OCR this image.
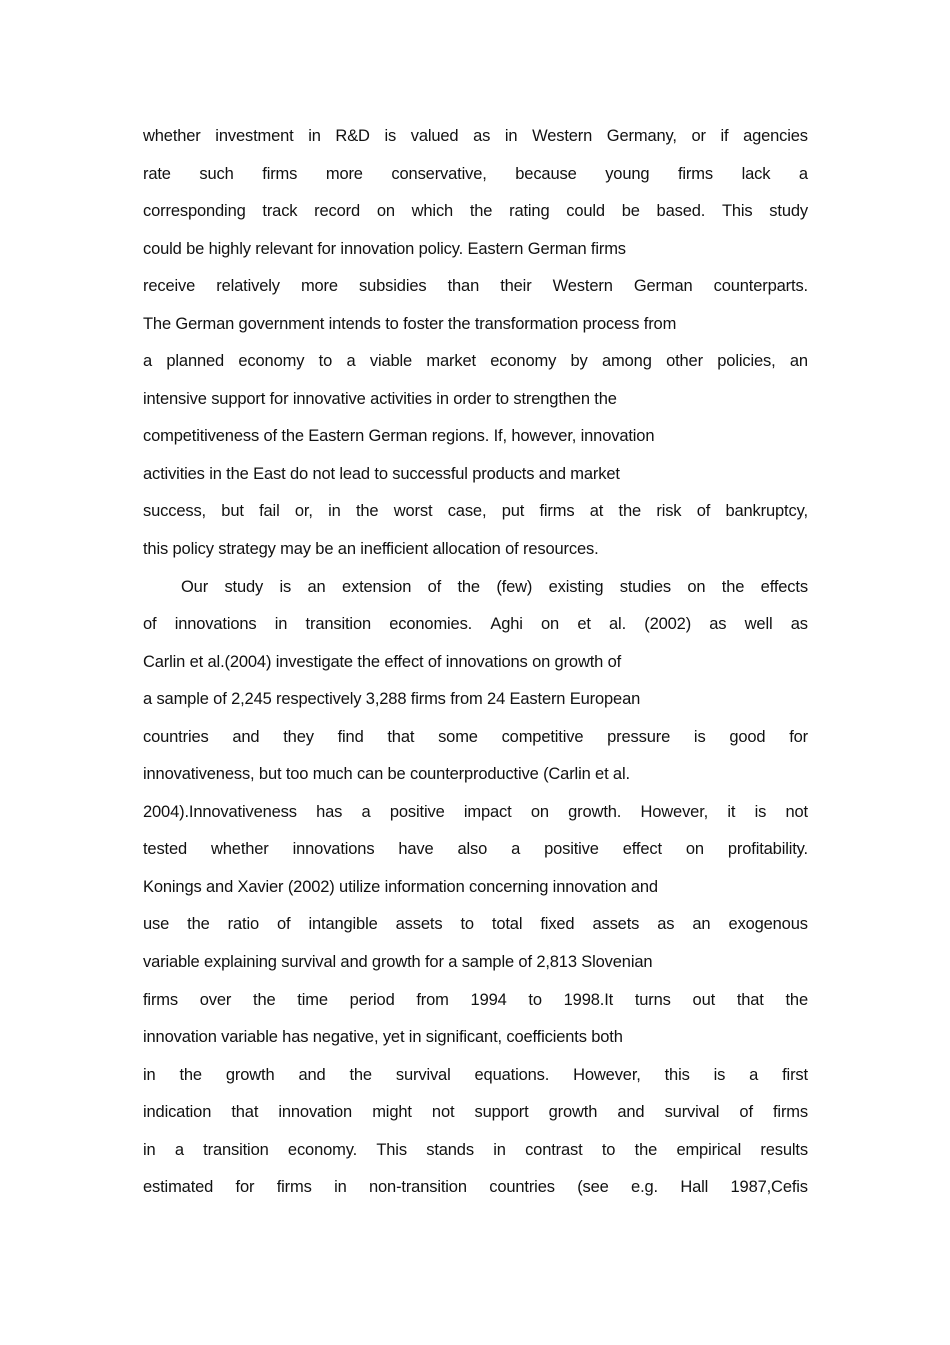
whether investment in R&D is valued as in Western Germany, or if agencies
rate such firms more conservative, because young firms lack a
corresponding track record on which the rating could be based. This study
could be highly relevant for innovation policy. Eastern German firms
receive relatively more subsidies than their Western German counterparts.
The German government intends to foster the transformation process from
a planned economy to a viable market economy by among other policies, an
intensive support for innovative activities in order to strengthen the
competitiveness of the Eastern German regions. If, however, innovation
activities in the East do not lead to successful products and market
success, but fail or, in the worst case, put firms at the risk of bankruptcy,
this policy strategy may be an inefficient allocation of resources.
Our study is an extension of the (few) existing studies on the effects
of innovations in transition economies. Aghi on et al. (2002) as well as
Carlin et al.(2004) investigate the effect of innovations on growth of
a sample of 2,245 respectively 3,288 firms from 24 Eastern European
countries and they find that some competitive pressure is good for
innovativeness, but too much can be counterproductive (Carlin et al.
2004).Innovativeness has a positive impact on growth. However, it is not
tested whether innovations have also a positive effect on profitability.
Konings and Xavier (2002) utilize information concerning innovation and
use the ratio of intangible assets to total fixed assets as an exogenous
variable explaining survival and growth for a sample of 2,813 Slovenian
firms over the time period from 1994 to 1998.It turns out that the
innovation variable has negative, yet in significant, coefficients both
in the growth and the survival equations. However, this is a first
indication that innovation might not support growth and survival of firms
in a transition economy. This stands in contrast to the empirical results
estimated for firms in non-transition countries (see e.g. Hall 1987,Cefis
